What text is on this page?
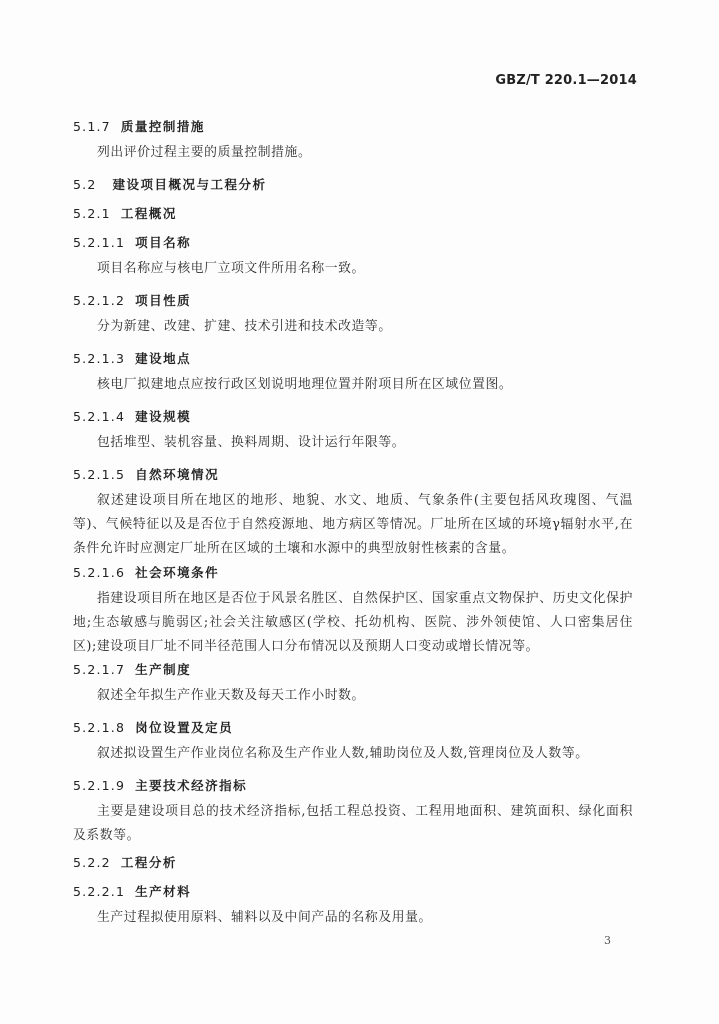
GBZ/T 220.1—2014
5.1.7 质量控制措施
列出评价过程主要的质量控制措施。
5.2 建设项目概况与工程分析
5.2.1 工程概况
5.2.1.1 项目名称
项目名称应与核电厂立项文件所用名称一致。
5.2.1.2 项目性质
分为新建、改建、扩建、技术引进和技术改造等。
5.2.1.3 建设地点
核电厂拟建地点应按行政区划说明地理位置并附项目所在区域位置图。
5.2.1.4 建设规模
包括堆型、装机容量、换料周期、设计运行年限等。
5.2.1.5 自然环境情况
叙述建设项目所在地区的地形、地貌、水文、地质、气象条件(主要包括风玫瑰图、气温等)、气候特征以及是否位于自然疫源地、地方病区等情况。厂址所在区域的环境γ辐射水平,在条件允许时应测定厂址所在区域的土壤和水源中的典型放射性核素的含量。
5.2.1.6 社会环境条件
指建设项目所在地区是否位于风景名胜区、自然保护区、国家重点文物保护、历史文化保护地;生态敏感与脆弱区;社会关注敏感区(学校、托幼机构、医院、涉外领使馆、人口密集居住区);建设项目厂址不同半径范围人口分布情况以及预期人口变动或增长情况等。
5.2.1.7 生产制度
叙述全年拟生产作业天数及每天工作小时数。
5.2.1.8 岗位设置及定员
叙述拟设置生产作业岗位名称及生产作业人数,辅助岗位及人数,管理岗位及人数等。
5.2.1.9 主要技术经济指标
主要是建设项目总的技术经济指标,包括工程总投资、工程用地面积、建筑面积、绿化面积及系数等。
5.2.2 工程分析
5.2.2.1 生产材料
生产过程拟使用原料、辅料以及中间产品的名称及用量。
3
